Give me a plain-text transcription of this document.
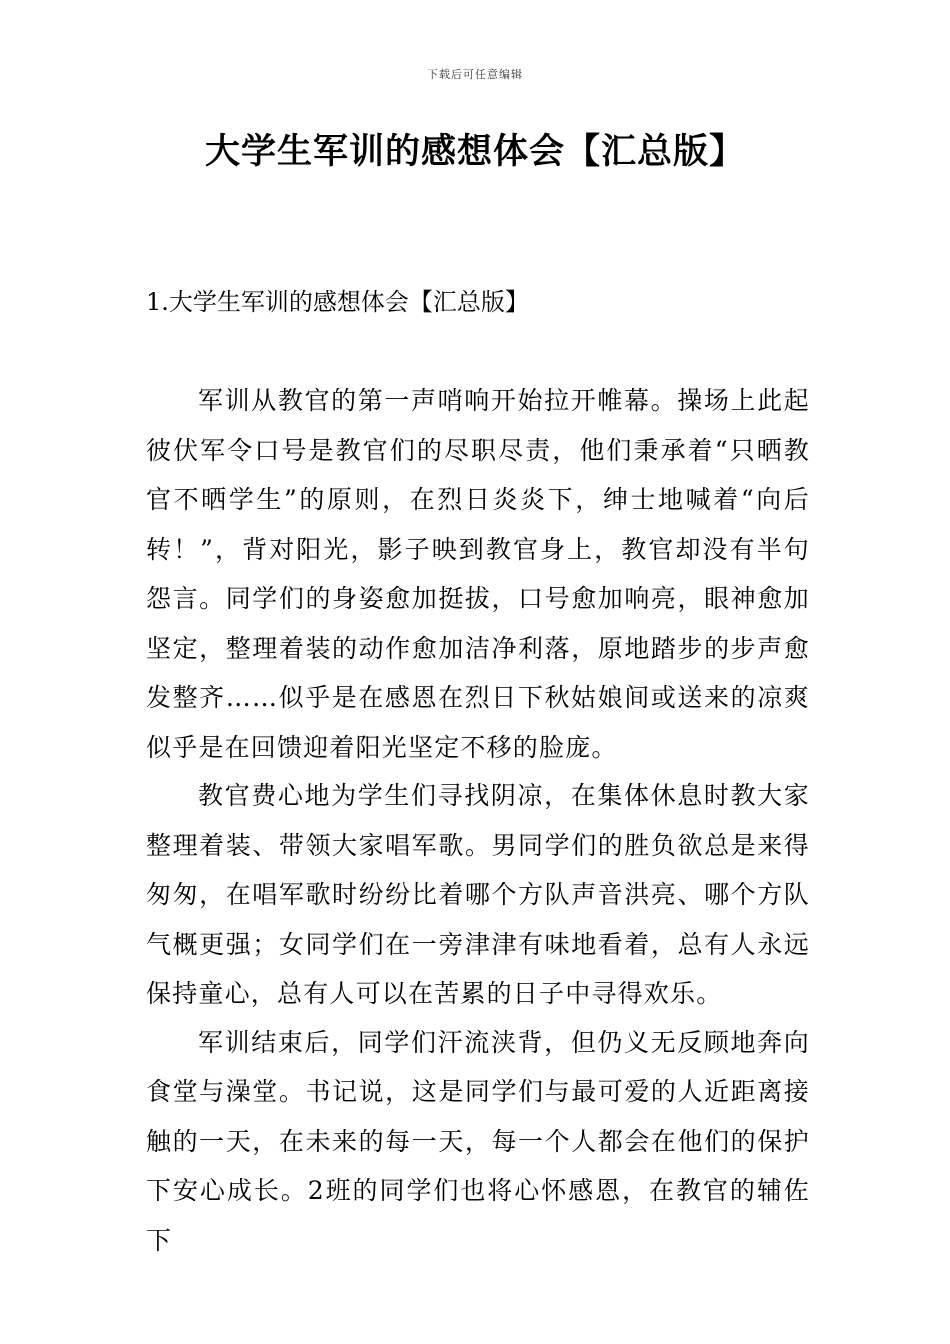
下载后可任意编辑
大学生军训的感想体会【汇总版】
1.大学生军训的感想体会【汇总版】

军训从教官的第一声哨响开始拉开帷幕。操场上此起彼伏军令口号是教官们的尽职尽责，他们秉承着“只晒教官不晒学生”的原则，在烈日炎炎下，绅士地喊着“向后转！”，背对阳光，影子映到教官身上，教官却没有半句怨言。同学们的身姿愈加挺拔，口号愈加响亮，眼神愈加坚定，整理着装的动作愈加洁净利落，原地踏步的步声愈发整齐……似乎是在感恩在烈日下秋姑娘间或送来的凉爽似乎是在回馈迎着阳光坚定不移的脸庞。

教官费心地为学生们寻找阴凉，在集体休息时教大家整理着装、带领大家唱军歌。男同学们的胜负欲总是来得匆匆，在唱军歌时纷纷比着哪个方队声音洪亮、哪个方队气概更强；女同学们在一旁津津有味地看着，总有人永远保持童心，总有人可以在苦累的日子中寻得欢乐。

军训结束后，同学们汗流浃背，但仍义无反顾地奔向食堂与澡堂。书记说，这是同学们与最可爱的人近距离接触的一天，在未来的每一天，每一个人都会在他们的保护下安心成长。2班的同学们也将心怀感恩，在教官的辅佐下
